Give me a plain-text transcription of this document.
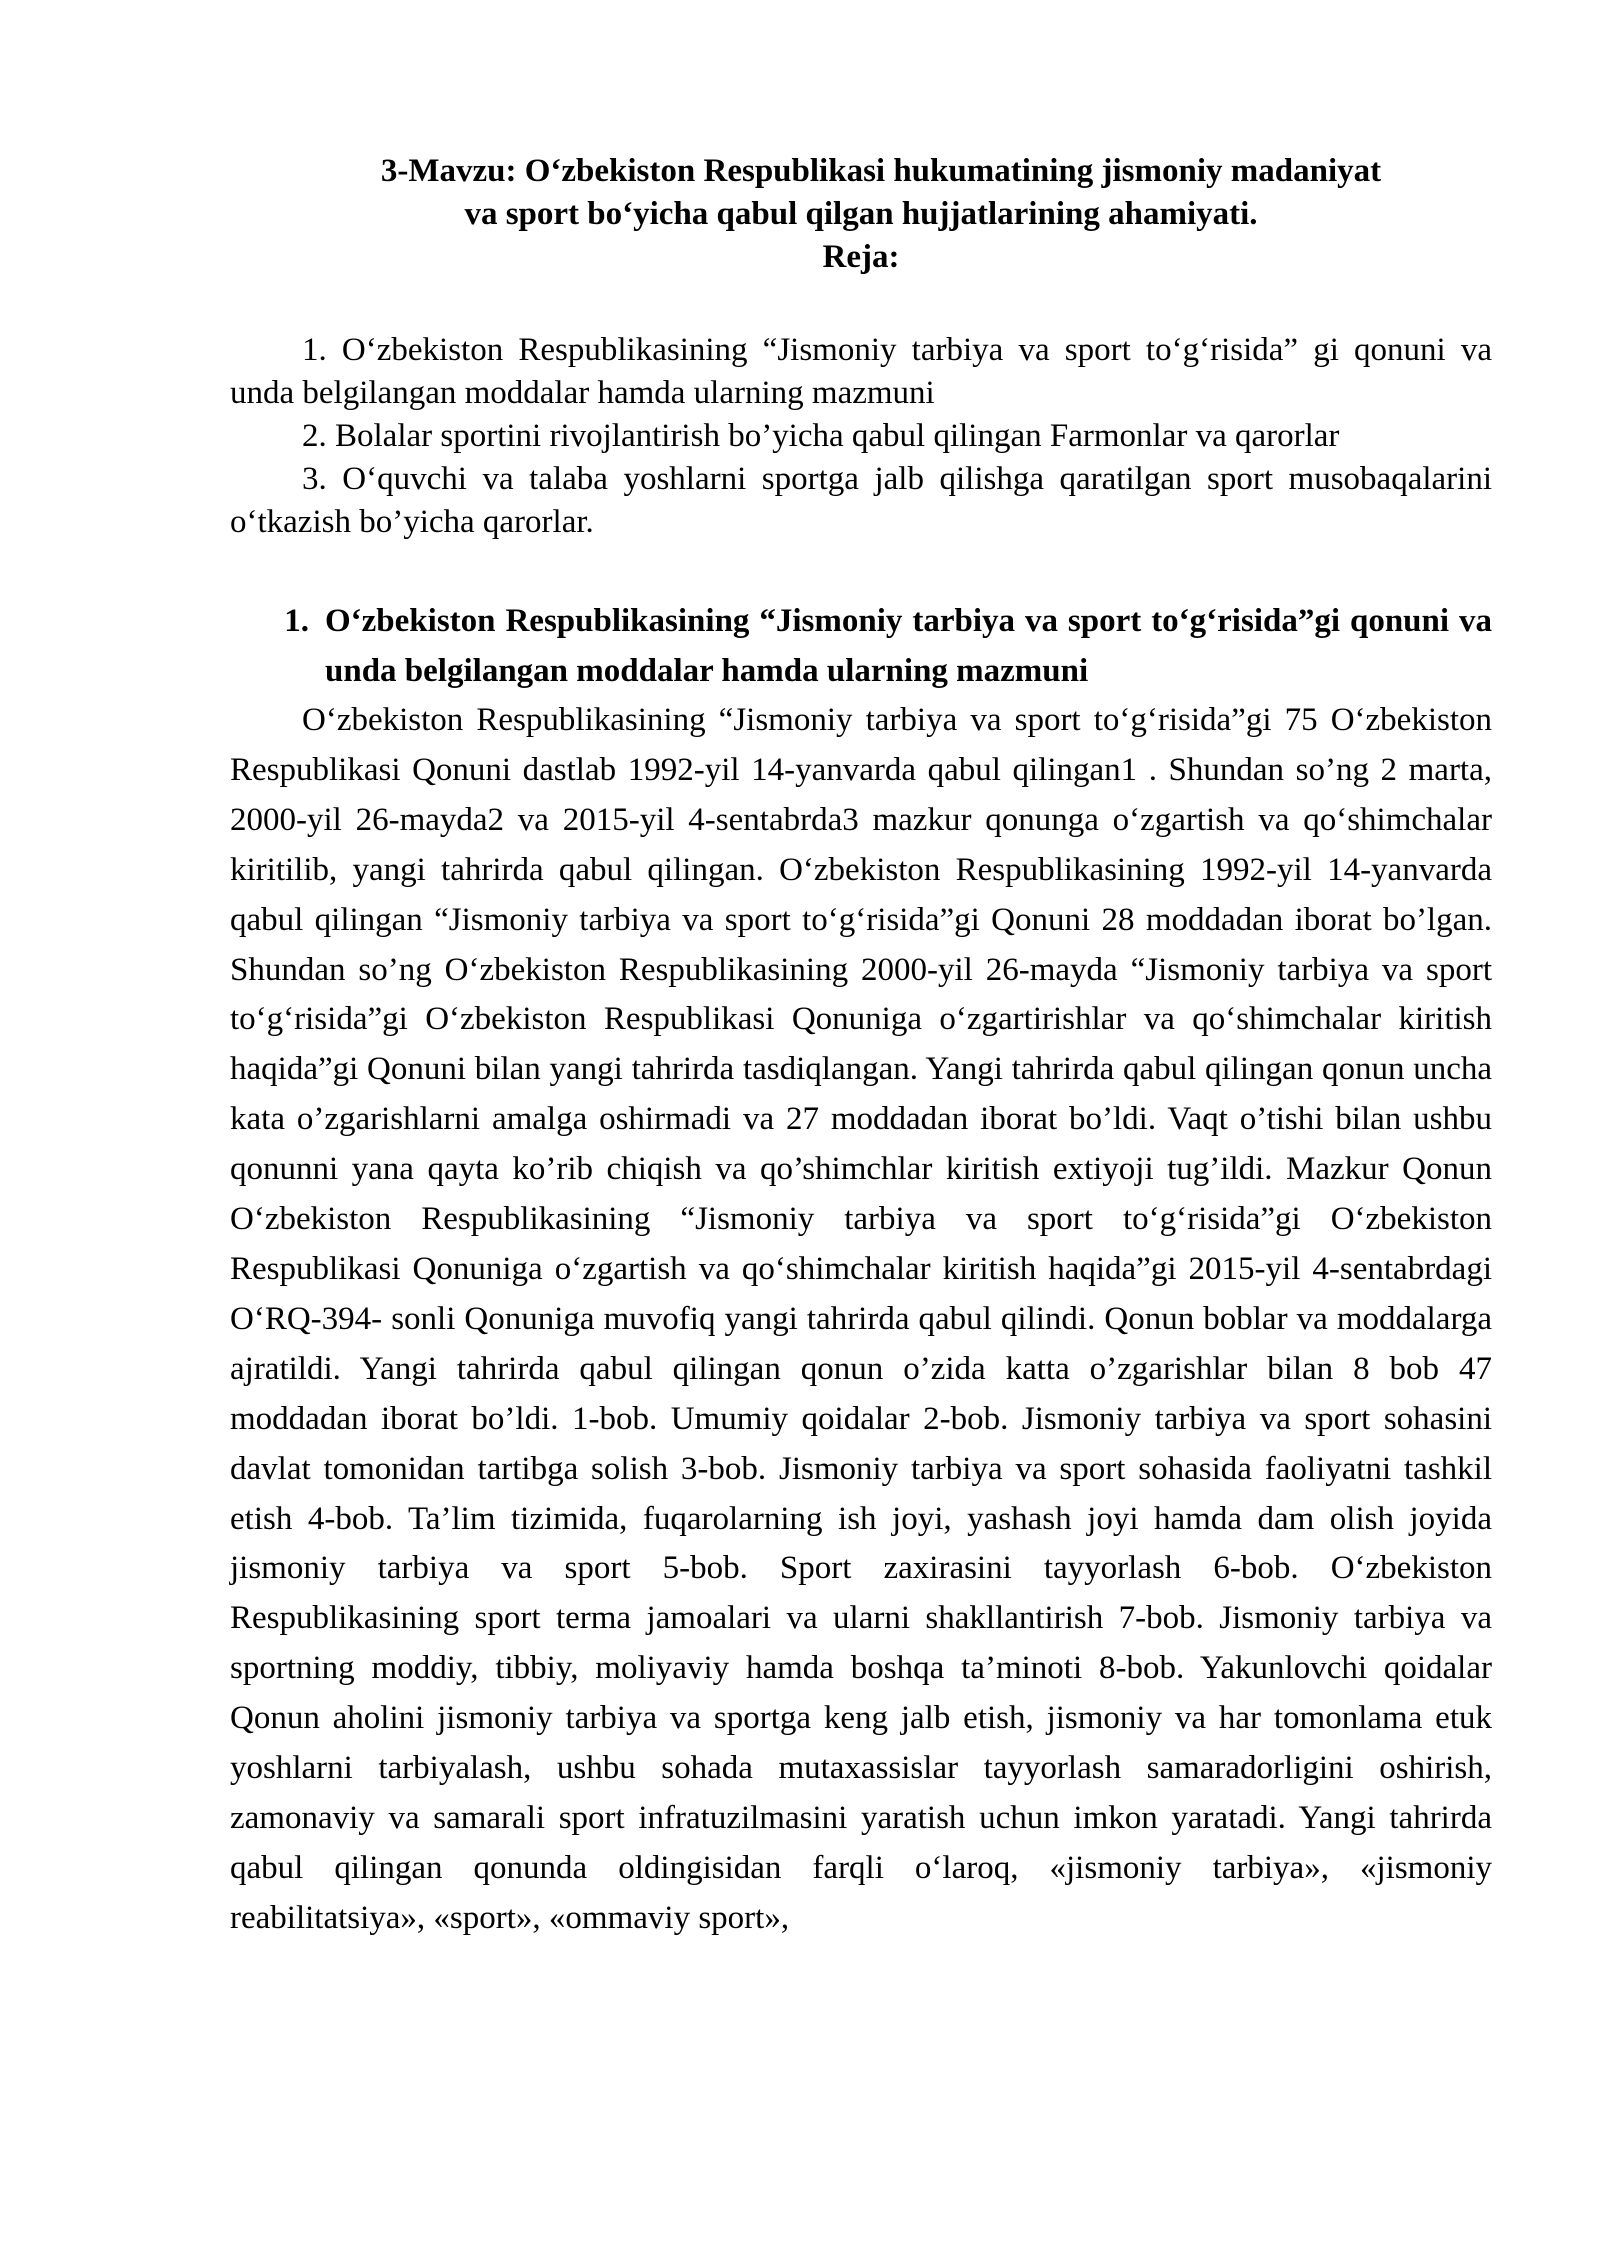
3-Mavzu: O‘zbekiston Respublikasi hukumatining jismoniy madaniyat
va sport bo‘yicha qabul qilgan hujjatlarining ahamiyati.
Reja:

1. O‘zbekiston Respublikasining “Jismoniy tarbiya va sport to‘g‘risida” gi qonuni va unda belgilangan moddalar hamda ularning mazmuni

2. Bolalar sportini rivojlantirish bo’yicha qabul qilingan Farmonlar va qarorlar

3. O‘quvchi va talaba yoshlarni sportga jalb qilishga qaratilgan sport musobaqalarini o‘tkazish bo’yicha qarorlar.

1. O‘zbekiston Respublikasining “Jismoniy tarbiya va sport to‘g‘risida”gi qonuni va unda belgilangan moddalar hamda ularning mazmuni

O‘zbekiston Respublikasining “Jismoniy tarbiya va sport to‘g‘risida”gi 75 O‘zbekiston Respublikasi Qonuni dastlab 1992-yil 14-yanvarda qabul qilingan1 . Shundan so’ng 2 marta, 2000-yil 26-mayda2 va 2015-yil 4-sentabrda3 mazkur qonunga o‘zgartish va qo‘shimchalar kiritilib, yangi tahrirda qabul qilingan. O‘zbekiston Respublikasining 1992-yil 14-yanvarda qabul qilingan “Jismoniy tarbiya va sport to‘g‘risida”gi Qonuni 28 moddadan iborat bo’lgan. Shundan so’ng O‘zbekiston Respublikasining 2000-yil 26-mayda “Jismoniy tarbiya va sport to‘g‘risida”gi O‘zbekiston Respublikasi Qonuniga o‘zgartirishlar va qo‘shimchalar kiritish haqida”gi Qonuni bilan yangi tahrirda tasdiqlangan. Yangi tahrirda qabul qilingan qonun uncha kata o’zgarishlarni amalga oshirmadi va 27 moddadan iborat bo’ldi. Vaqt o’tishi bilan ushbu qonunni yana qayta ko’rib chiqish va qo’shimchlar kiritish extiyoji tug’ildi. Mazkur Qonun O‘zbekiston Respublikasining “Jismoniy tarbiya va sport to‘g‘risida”gi O‘zbekiston Respublikasi Qonuniga o‘zgartish va qo‘shimchalar kiritish haqida”gi 2015-yil 4-sentabrdagi O‘RQ-394- sonli Qonuniga muvofiq yangi tahrirda qabul qilindi. Qonun boblar va moddalarga ajratildi. Yangi tahrirda qabul qilingan qonun o’zida katta o’zgarishlar bilan 8 bob 47 moddadan iborat bo’ldi. 1-bob. Umumiy qoidalar 2-bob. Jismoniy tarbiya va sport sohasini davlat tomonidan tartibga solish 3-bob. Jismoniy tarbiya va sport sohasida faoliyatni tashkil etish 4-bob. Ta’lim tizimida, fuqarolarning ish joyi, yashash joyi hamda dam olish joyida jismoniy tarbiya va sport 5-bob. Sport zaxirasini tayyorlash 6-bob. O‘zbekiston Respublikasining sport terma jamoalari va ularni shakllantirish 7-bob. Jismoniy tarbiya va sportning moddiy, tibbiy, moliyaviy hamda boshqa ta’minoti 8-bob. Yakunlovchi qoidalar Qonun aholini jismoniy tarbiya va sportga keng jalb etish, jismoniy va har tomonlama etuk yoshlarni tarbiyalash, ushbu sohada mutaxassislar tayyorlash samaradorligini oshirish, zamonaviy va samarali sport infratuzilmasini yaratish uchun imkon yaratadi. Yangi tahrirda qabul qilingan qonunda oldingisidan farqli o‘laroq, «jismoniy tarbiya», «jismoniy reabilitatsiya», «sport», «ommaviy sport»,
